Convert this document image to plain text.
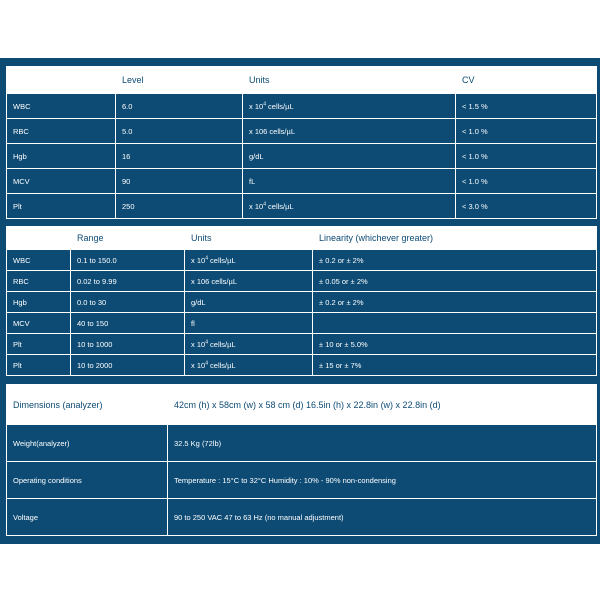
	Level	Units	CV
WBC	6.0	x $10^4$ cells/µL	< 1.5 %
RBC	5.0	x 106 cells/µL	< 1.0 %
Hgb	16	g/dL	< 1.0 %
MCV	90	fL	< 1.0 %
Plt	250	x $10^4$ cells/µL	< 3.0 %
	Range	Units	Linearity (whichever greater)
WBC	0.1 to 150.0	x $10^4$ cells/µL	± 0.2 or ± 2%
RBC	0.02 to 9.99	x 106 cells/µL	± 0.05 or ± 2%
Hgb	0.0 to 30	g/dL	± 0.2 or ± 2%
MCV	40 to 150	fl	
Plt	10 to 1000	x $10^4$ cells/µL	± 10 or ± 5.0%
Plt	10 to 2000	x $10^4$ cells/µL	± 15 or ± 7%
Dimensions (analyzer)	42cm (h) x 58cm (w) x 58 cm (d) 16.5in (h) x 22.8in (w) x 22.8in (d)
Weight(analyzer)	32.5 Kg (72lb)
Operating conditions	Temperature : 15°C to 32°C Humidity : 10% - 90% non-condensing
Voltage	90 to 250 VAC 47 to 63 Hz (no manual adjustment)
